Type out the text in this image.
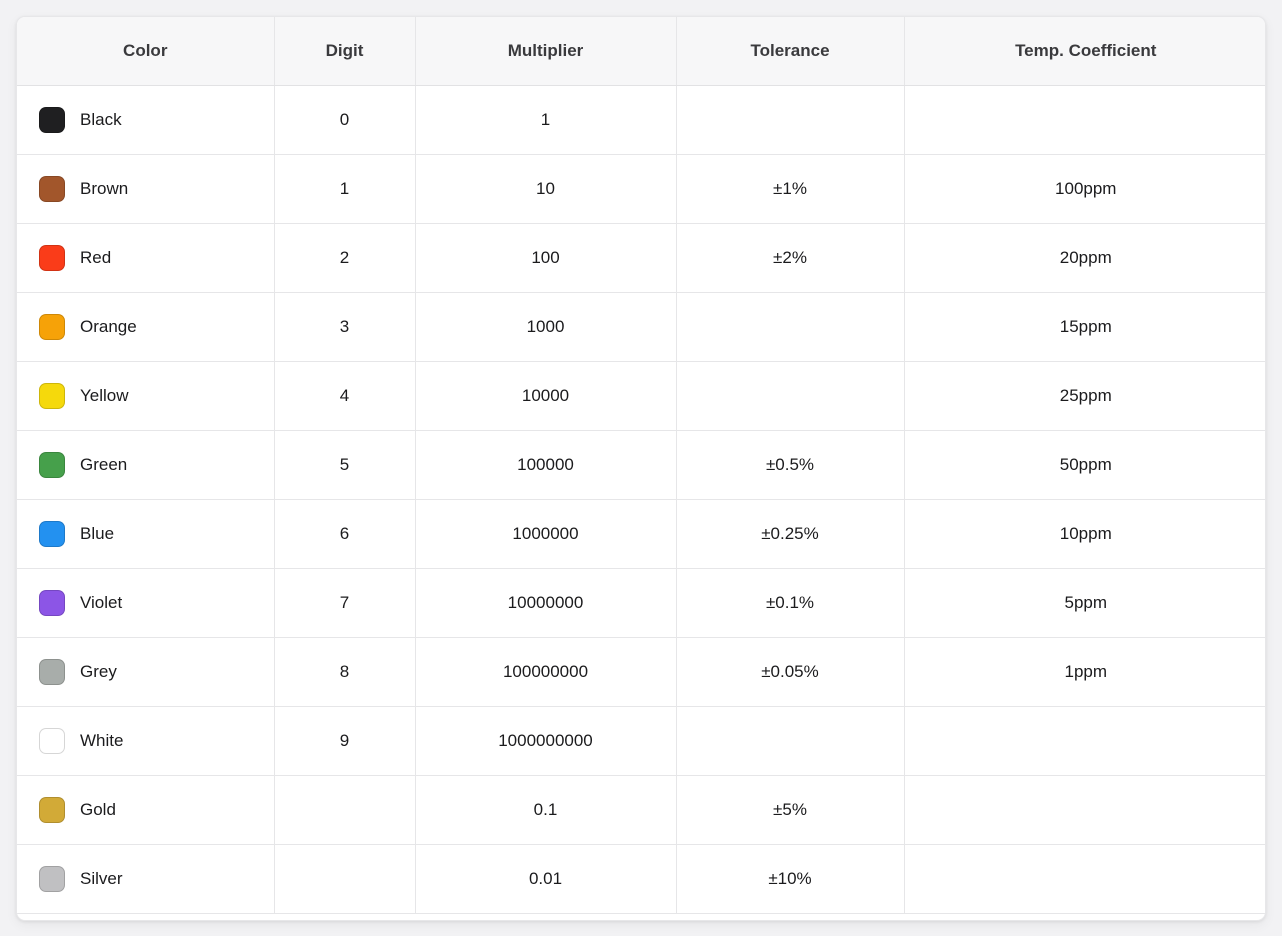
Color	Digit	Multiplier	Tolerance	Temp. Coefficient

Black	0	1		

Brown	1	10	±1%	100ppm

Red	2	100	±2%	20ppm

Orange	3	1000		15ppm

Yellow	4	10000		25ppm

Green	5	100000	±0.5%	50ppm

Blue	6	1000000	±0.25%	10ppm

Violet	7	10000000	±0.1%	5ppm

Grey	8	100000000	±0.05%	1ppm

White	9	1000000000		

Gold		0.1	±5%	

Silver		0.01	±10%	
